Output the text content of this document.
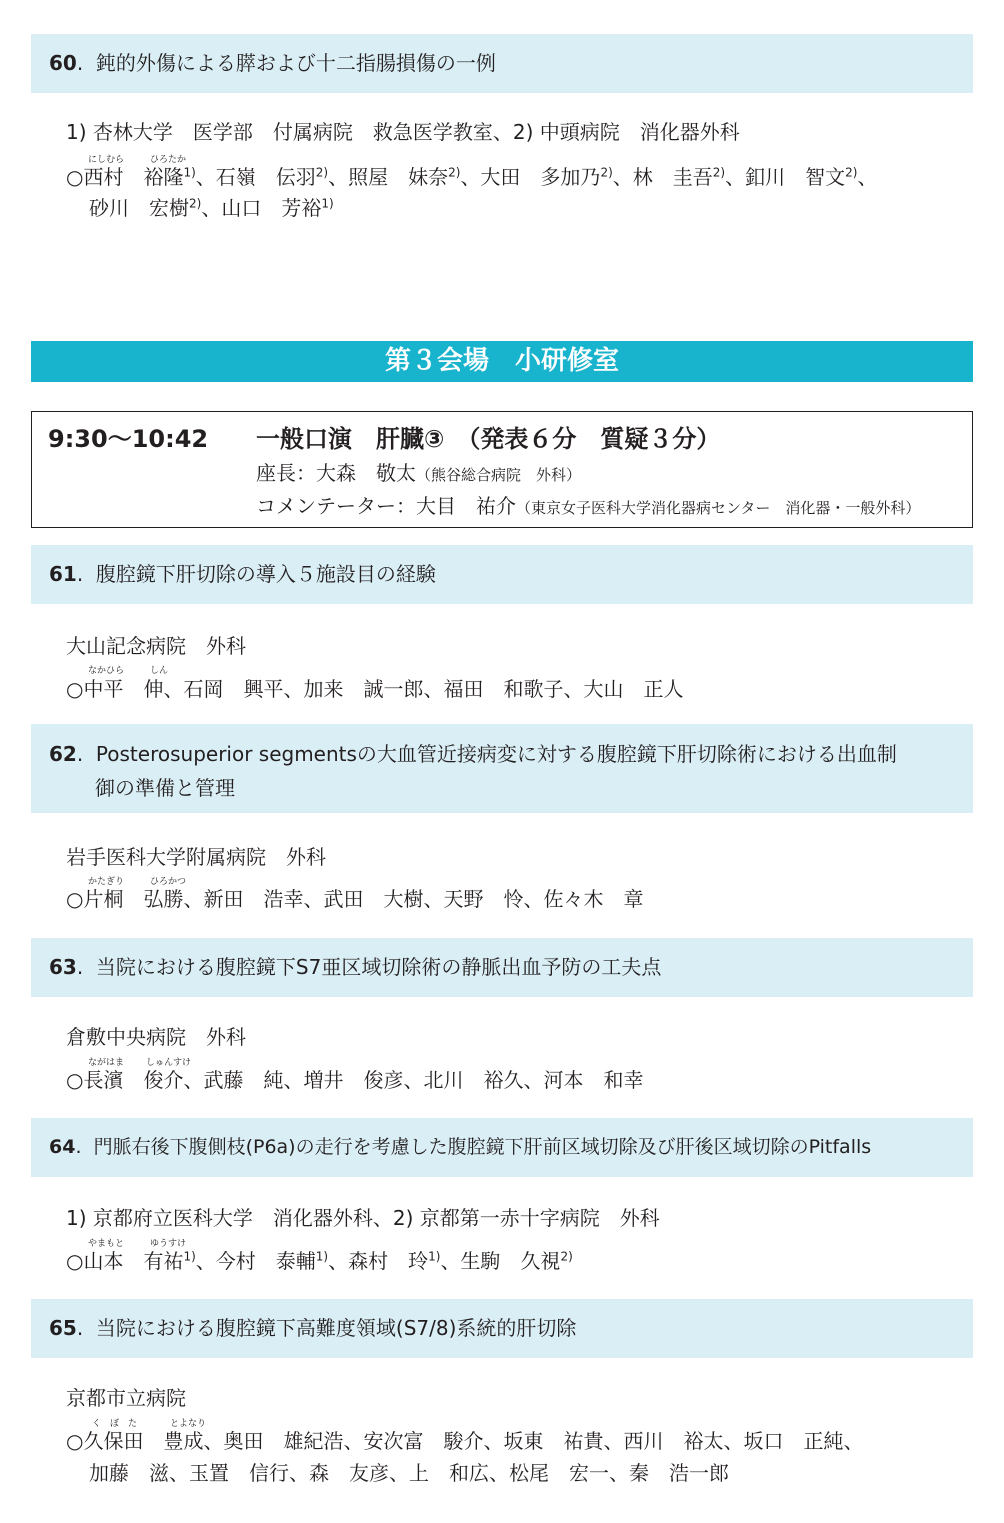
60.  鈍的外傷による膵および十二指腸損傷の一例
1) 杏林大学　医学部　付属病院　救急医学教室、2) 中頭病院　消化器外科
にしむら	ひろたか
○西村　裕隆$^{1)}$、石嶺　伝羽$^{2)}$、照屋　妹奈$^{2)}$、大田　多加乃$^{2)}$、林　圭吾$^{2)}$、釦川　智文$^{2)}$、
砂川　宏樹$^{2)}$、山口　芳裕$^{1)}$
第３会場　小研修室
9:30〜10:42 一般口演　肝臓③　（発表６分　質疑３分）
座長：大森　敬太（熊谷総合病院　外科）
コメンテーター：大目　祐介（東京女子医科大学消化器病センター　消化器・一般外科）
61.  腹腔鏡下肝切除の導入５施設目の経験
大山記念病院　外科
なかひら	しん
○中平　伸、石岡　興平、加来　誠一郎、福田　和歌子、大山　正人
62.  Posterosuperior segmentsの大血管近接病変に対する腹腔鏡下肝切除術における出血制
御の準備と管理
岩手医科大学附属病院　外科
かたぎり	ひろかつ
○片桐　弘勝、新田　浩幸、武田　大樹、天野　怜、佐々木　章
63.  当院における腹腔鏡下S7亜区域切除術の静脈出血予防の工夫点
倉敷中央病院　外科
ながはま しゅんすけ
○長濱　俊介、武藤　純、増井　俊彦、北川　裕久、河本　和幸
64.  門脈右後下腹側枝(P6a)の走行を考慮した腹腔鏡下肝前区域切除及び肝後区域切除のPitfalls
1) 京都府立医科大学　消化器外科、2) 京都第一赤十字病院　外科
やまもと	ゆうすけ
○山本　有祐$^{1)}$、今村　泰輔$^{1)}$、森村　玲$^{1)}$、生駒　久視$^{2)}$
65.  当院における腹腔鏡下高難度領域(S7/8)系統的肝切除
京都市立病院
く　ぼ　た	とよなり
○久保田　豊成、奥田　雄紀浩、安次富　駿介、坂東　祐貴、西川　裕太、坂口　正純、
加藤　滋、玉置　信行、森　友彦、上　和広、松尾　宏一、秦　浩一郎
